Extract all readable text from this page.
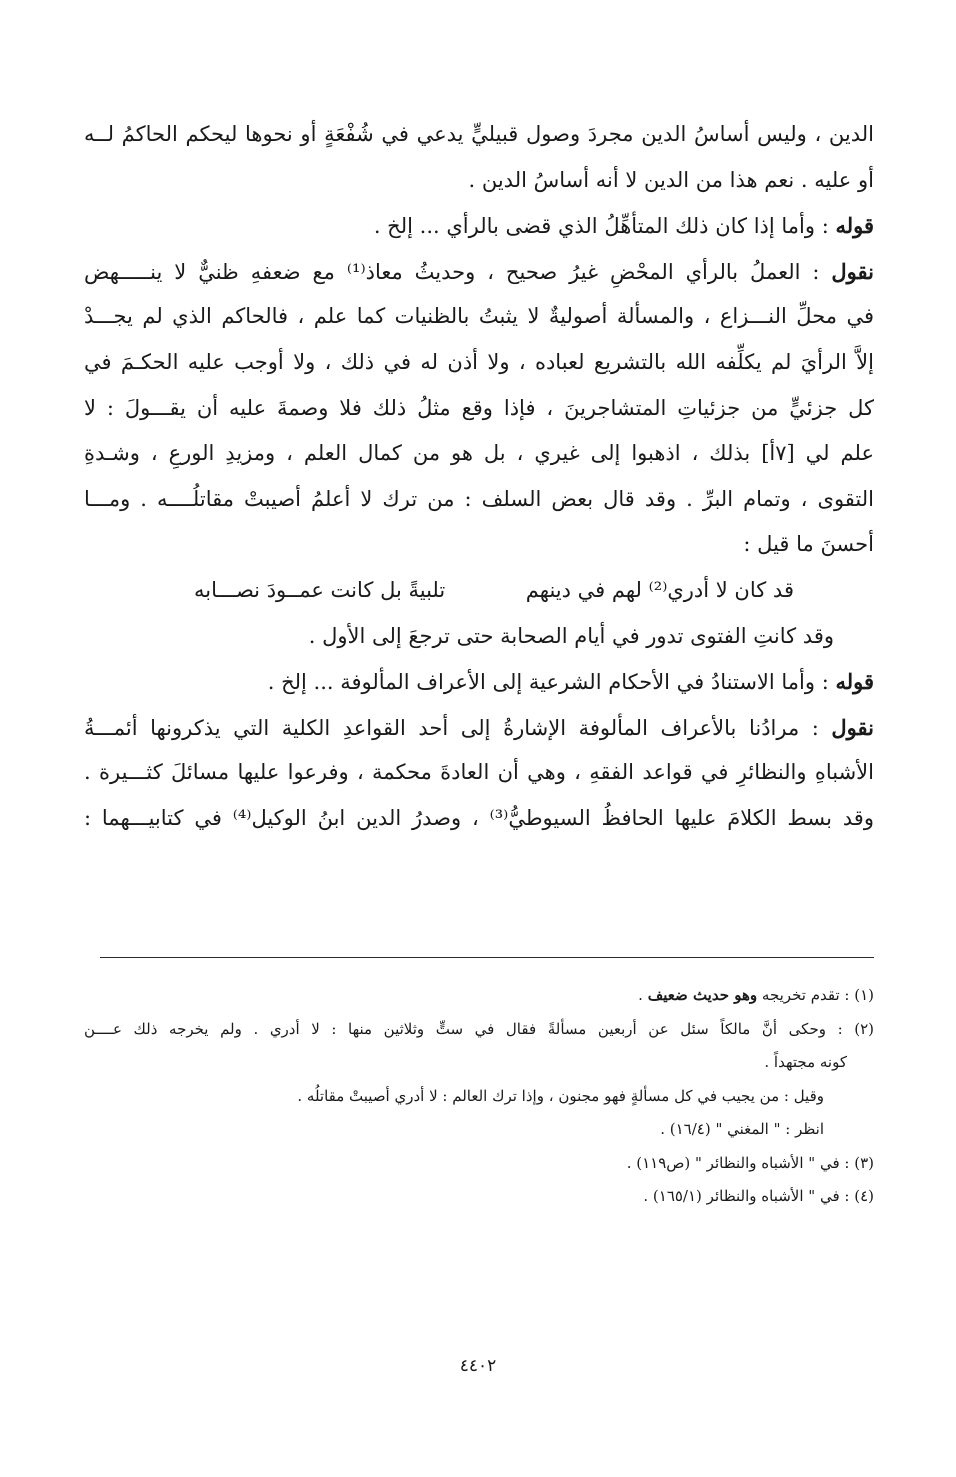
الدين ، وليس أساسُ الدين مجردَ وصول قبيليٍّ يدعي في شُفْعَةٍ أو نحوها ليحكم الحاكمُ لــه
أو عليه . نعم هذا من الدين لا أنه أساسُ الدين .
قوله : وأما إذا كان ذلك المتأهِّلُ الذي قضى بالرأي ... إلخ .
نقول : العملُ بالرأي المحْضِ غيرُ صحيح ، وحديثُ معاذ⁽¹⁾ مع ضعفهِ ظنيٌّ لا ينـــــهض
في محلِّ النـــزاع ، والمسألة أصوليةٌ لا يثبتُ بالظنيات كما علم ، فالحاكم الذي لم يجـــدْ
إلاَّ الرأيَ لم يكلِّفه الله بالتشريع لعباده ، ولا أذن له في ذلك ، ولا أوجب عليه الحكـمَ في
كل جزئيٍّ من جزئياتِ المتشاجرينَ ، فإذا وقع مثلُ ذلك فلا وصمةَ عليه أن يقـــولَ : لا
علم لي [٧أ] بذلك ، اذهبوا إلى غيري ، بل هو من كمال العلم ، ومزيدِ الورعِ ، وشـدةِ
التقوى ، وتمام البرِّ . وقد قال بعض السلف : من ترك لا أعلمُ أصيبتْ مقاتلُــــه . ومـــا
أحسنَ ما قيل :
قد كان لا أدري⁽²⁾ لهم في دينهم
تلبيةً بل كانت عمــودَ نصـــابه
وقد كانتِ الفتوى تدور في أيام الصحابة حتى ترجعَ إلى الأول .
قوله : وأما الاستنادُ في الأحكام الشرعية إلى الأعراف المألوفة ... إلخ .
نقول : مرادُنا بالأعراف المألوفة الإشارةُ إلى أحد القواعدِ الكلية التي يذكرونها أئمـــةُ
الأشباهِ والنظائرِ في قواعد الفقهِ ، وهي أن العادةَ محكمة ، وفرعوا عليها مسائلَ كثـــيرة .
وقد بسط الكلامَ عليها الحافظُ السيوطيُّ⁽³⁾ ، وصدرُ الدين ابنُ الوكيل⁽⁴⁾ في كتابيـــهما :
(١) : تقدم تخريجه وهو حديث ضعيف .
(٢) : وحكى أنَّ مالكاً سئل عن أربعين مسألةً فقال في ستٍّ وثلاثين منها : لا أدري . ولم يخرجه ذلك عــــن
كونه مجتهداً .
وقيل : من يجيب في كل مسألةٍ فهو مجنون ، وإذا ترك العالم : لا أدري أصيبتْ مقاتلُه .
انظر : " المغني " (١٦/٤) .
(٣) : في " الأشباه والنظائر " (ص١١٩) .
(٤) : في " الأشباه والنظائر (١٦٥/١) .
٤٤٠٢
